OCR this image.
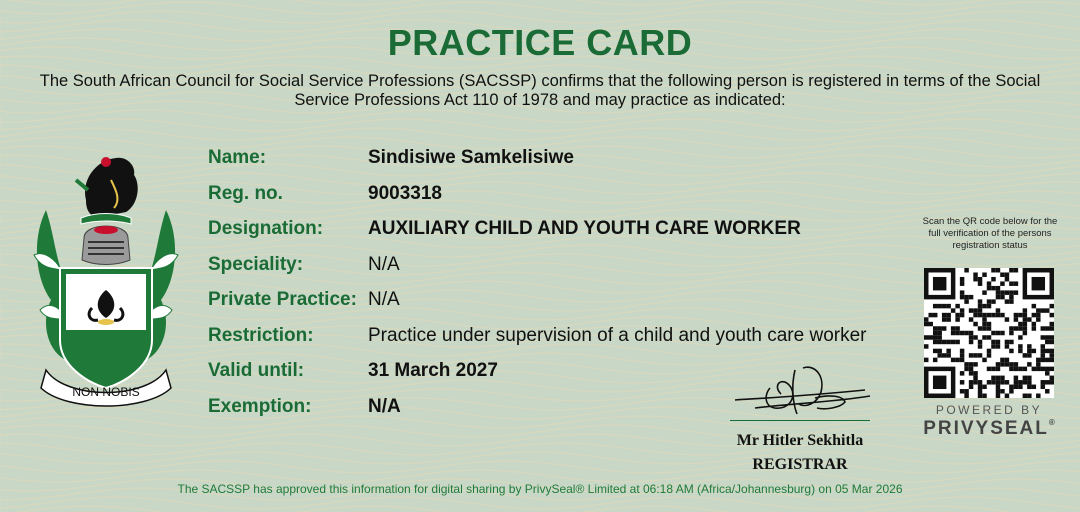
PRACTICE CARD
The South African Council for Social Service Professions (SACSSP) confirms that the following person is registered in terms of the Social Service Professions Act 110 of 1978 and may practice as indicated:
NON NOBIS
Name:	Sindisiwe Samkelisiwe
Reg. no.	9003318
Designation: AUXILIARY CHILD AND YOUTH CARE WORKER
Speciality:	N/A
Private Practice: N/A
Restriction:	Practice under supervision of a child and youth care worker
Valid until:	31 March 2027
Exemption:	N/A
Scan the QR code below for the full verification of the persons registration status
POWERED BY
PRIVYSEAL®
Mr Hitler Sekhitla
REGISTRAR
The SACSSP has approved this information for digital sharing by PrivySeal® Limited at 06:18 AM (Africa/Johannesburg) on 05 Mar 2026
